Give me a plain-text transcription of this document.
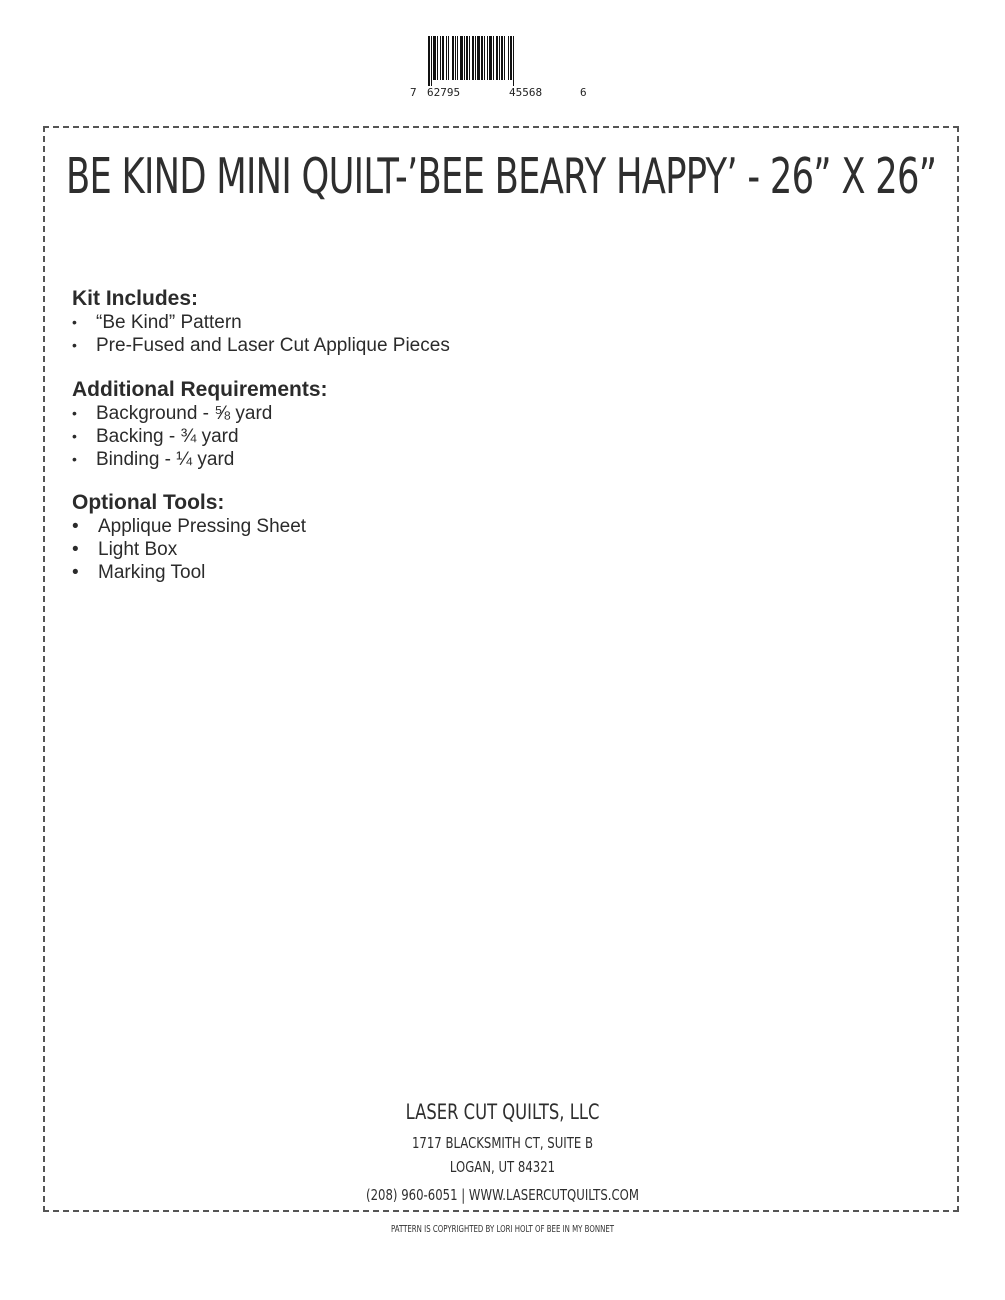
7 62795	45568	6
BE KIND MINI QUILT-’BEE BEARY HAPPY’ - 26” X 26”
Kit Includes:
• “Be Kind” Pattern
• Pre-Fused and Laser Cut Applique Pieces
Additional Requirements:
• Background - ⅝ yard
• Backing - ¾ yard
• Binding - ¼ yard
Optional Tools:
• Applique Pressing Sheet
• Light Box
• Marking Tool
LASER CUT QUILTS, LLC
1717 BLACKSMITH CT, SUITE B
LOGAN, UT 84321
(208) 960-6051 | WWW.LASERCUTQUILTS.COM
PATTERN IS COPYRIGHTED BY LORI HOLT OF BEE IN MY BONNET
